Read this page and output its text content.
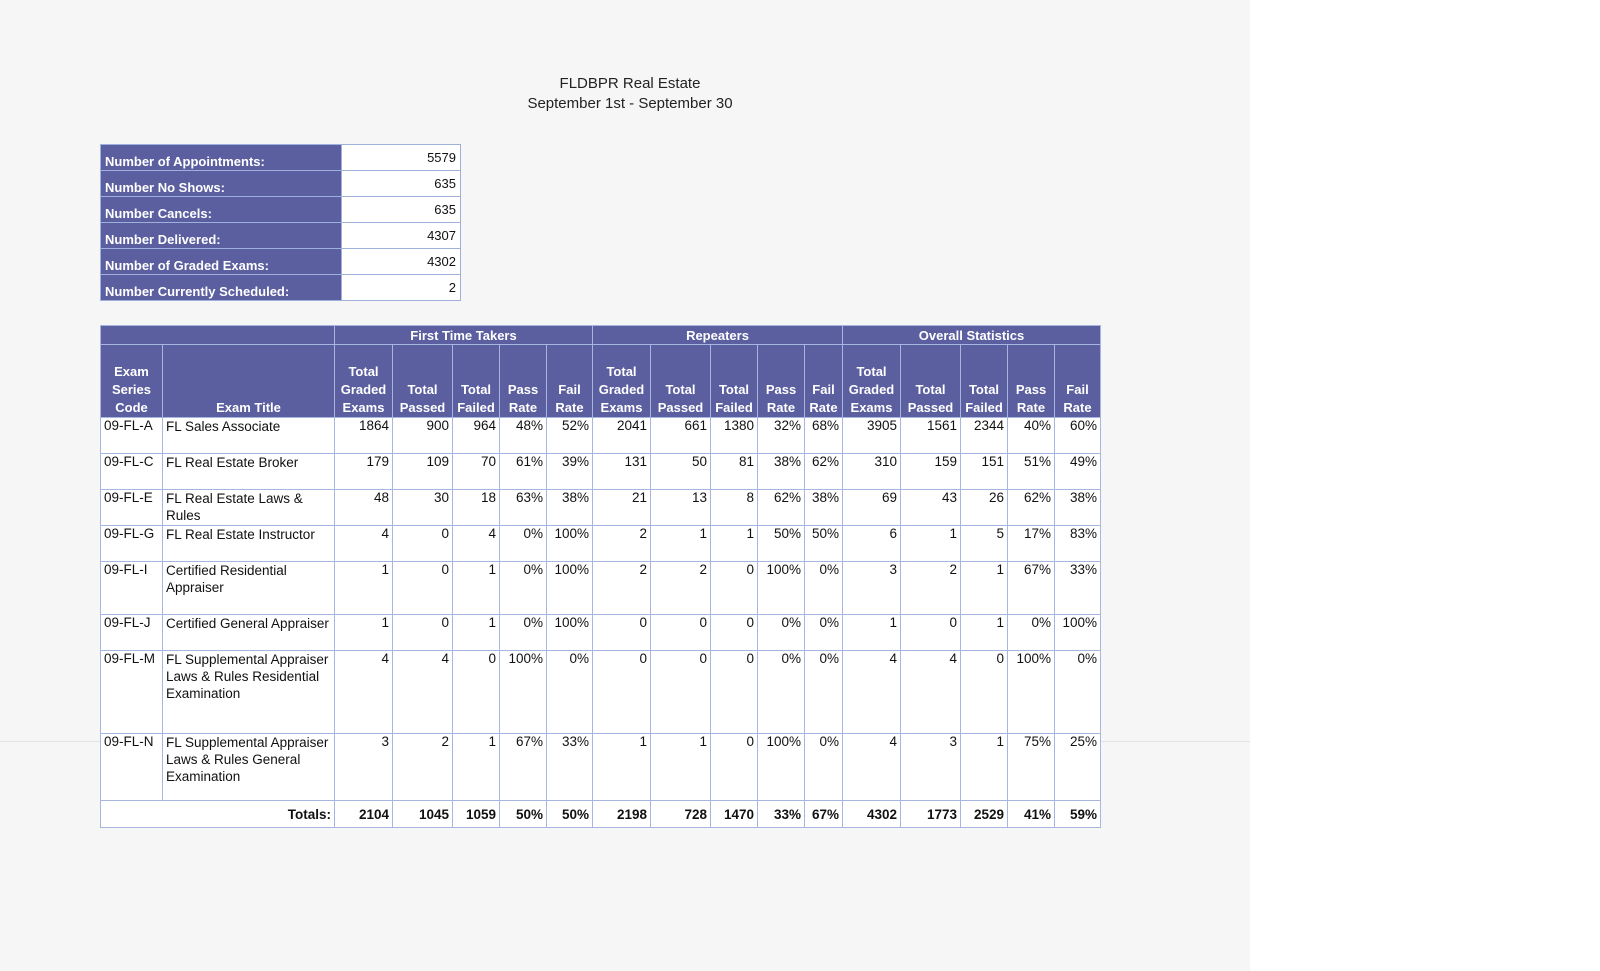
FLDBPR Real Estate
September 1st - September 30
Number of Appointments:	5579
Number No Shows:	635
Number Cancels:	635
Number Delivered:	4307
Number of Graded Exams:	4302
Number Currently Scheduled:	2
		First Time Takers					Repeaters					Overall Statistics				
Exam Series Code	Exam Title	Total Graded Exams	Total Passed	Total Failed	Pass Rate	Fail Rate	Total Graded Exams	Total Passed	Total Failed	Pass Rate	Fail Rate	Total Graded Exams	Total Passed	Total Failed	Pass Rate	Fail Rate
09-FL-A	FL Sales Associate	1864	900	964	48%	52%	2041	661	1380	32%	68%	3905	1561	2344	40%	60%
09-FL-C	FL Real Estate Broker	179	109	70	61%	39%	131	50	81	38%	62%	310	159	151	51%	49%
09-FL-E	FL Real Estate Laws & Rules	48	30	18	63%	38%	21	13	8	62%	38%	69	43	26	62%	38%
09-FL-G	FL Real Estate Instructor	4	0	4	0%	100%	2	1	1	50%	50%	6	1	5	17%	83%
09-FL-I	Certified Residential Appraiser	1	0	1	0%	100%	2	2	0	100%	0%	3	2	1	67%	33%
09-FL-J	Certified General Appraiser	1	0	1	0%	100%	0	0	0	0%	0%	1	0	1	0%	100%
09-FL-M	FL Supplemental Appraiser Laws & Rules Residential Examination	4	4	0	100%	0%	0	0	0	0%	0%	4	4	0	100%	0%
09-FL-N	FL Supplemental Appraiser Laws & Rules General Examination	3	2	1	67%	33%	1	1	0	100%	0%	4	3	1	75%	25%
Totals:		2104	1045	1059	50%	50%	2198	728	1470	33%	67%	4302	1773	2529	41%	59%
